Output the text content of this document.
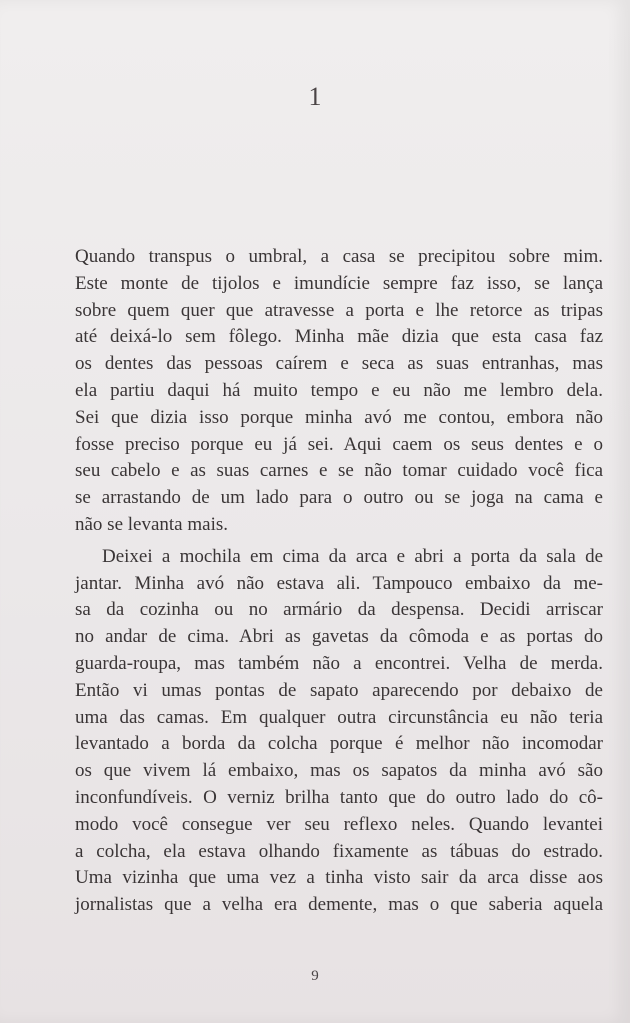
1
Quando transpus o umbral, a casa se precipitou sobre mim.
Este monte de tijolos e imundície sempre faz isso, se lança
sobre quem quer que atravesse a porta e lhe retorce as tripas
até deixá-lo sem fôlego. Minha mãe dizia que esta casa faz
os dentes das pessoas caírem e seca as suas entranhas, mas
ela partiu daqui há muito tempo e eu não me lembro dela.
Sei que dizia isso porque minha avó me contou, embora não
fosse preciso porque eu já sei. Aqui caem os seus dentes e o
seu cabelo e as suas carnes e se não tomar cuidado você fica
se arrastando de um lado para o outro ou se joga na cama e
não se levanta mais.
Deixei a mochila em cima da arca e abri a porta da sala de
jantar. Minha avó não estava ali. Tampouco embaixo da me-
sa da cozinha ou no armário da despensa. Decidi arriscar
no andar de cima. Abri as gavetas da cômoda e as portas do
guarda-roupa, mas também não a encontrei. Velha de merda.
Então vi umas pontas de sapato aparecendo por debaixo de
uma das camas. Em qualquer outra circunstância eu não teria
levantado a borda da colcha porque é melhor não incomodar
os que vivem lá embaixo, mas os sapatos da minha avó são
inconfundíveis. O verniz brilha tanto que do outro lado do cô-
modo você consegue ver seu reflexo neles. Quando levantei
a colcha, ela estava olhando fixamente as tábuas do estrado.
Uma vizinha que uma vez a tinha visto sair da arca disse aos
jornalistas que a velha era demente, mas o que saberia aquela
9
